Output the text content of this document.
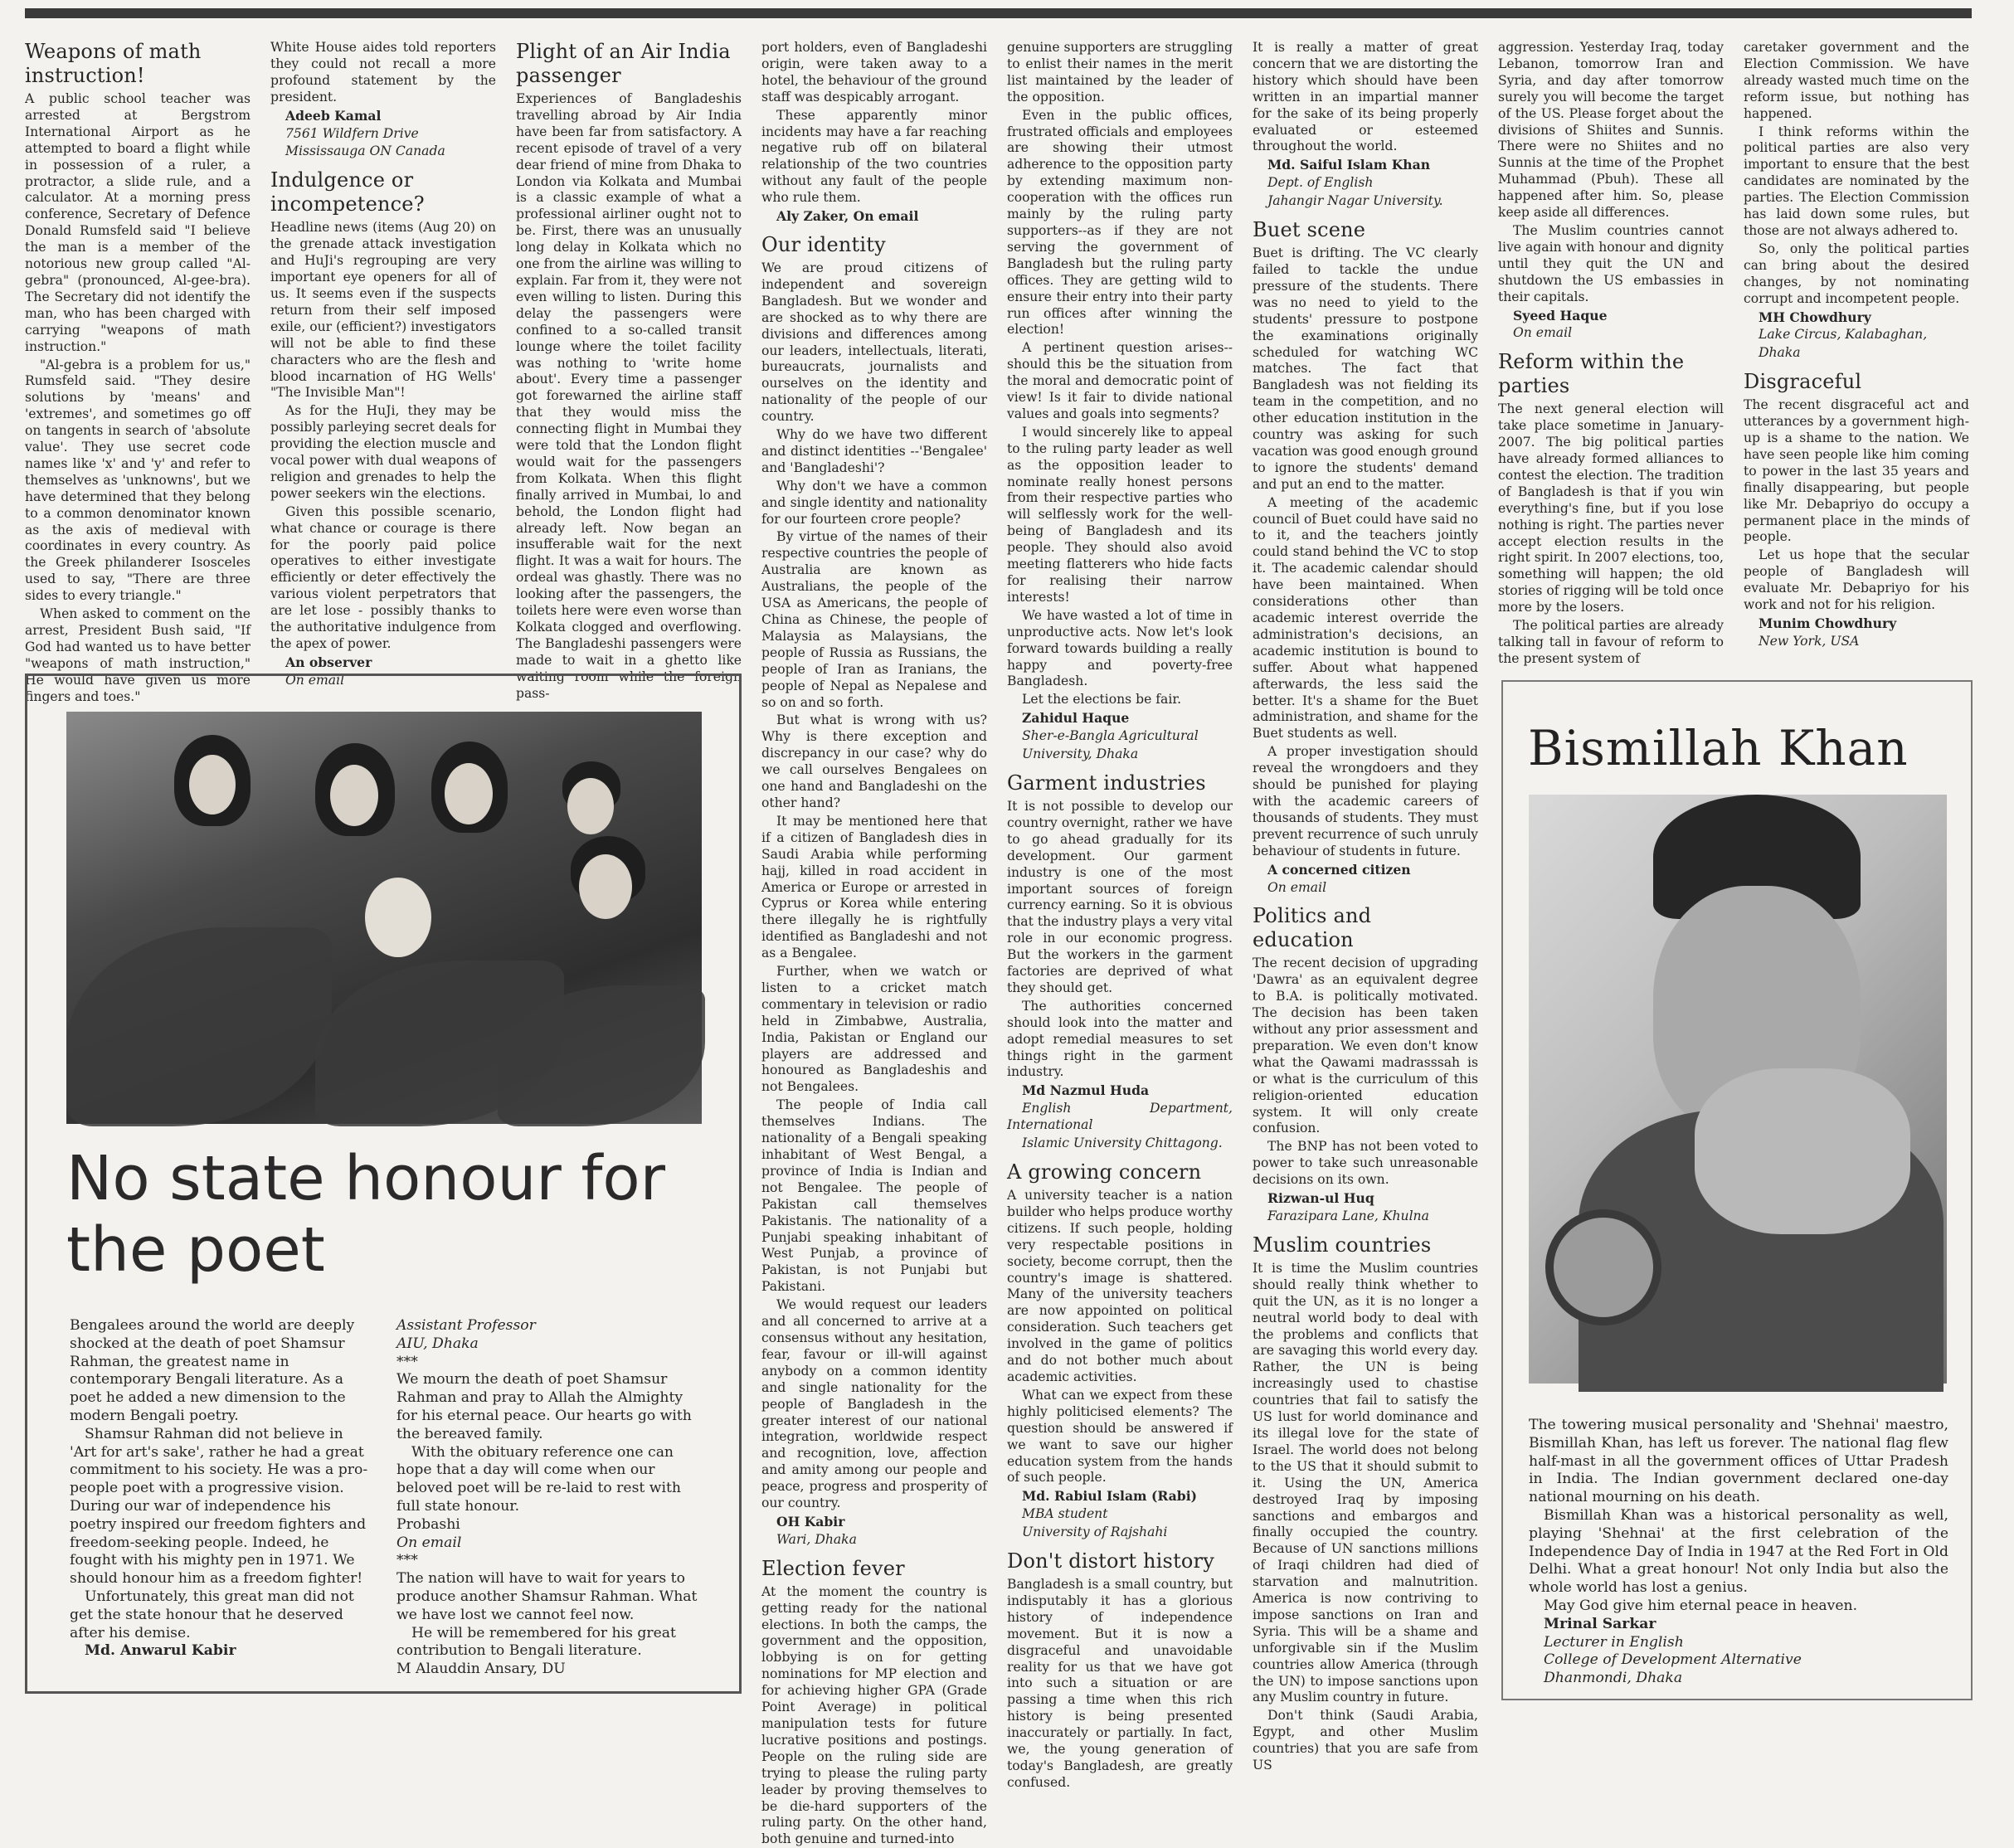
Weapons of math instruction!

A public school teacher was arrested at Bergstrom International Airport as he attempted to board a flight while in possession of a ruler, a protractor, a slide rule, and a calculator. At a morning press conference, Secretary of Defence Donald Rumsfeld said "I believe the man is a member of the notorious new group called "Al-gebra" (pronounced, Al-gee-bra). The Secretary did not identify the man, who has been charged with carrying "weapons of math instruction."

"Al-gebra is a problem for us," Rumsfeld said. "They desire solutions by 'means' and 'extremes', and sometimes go off on tangents in search of 'absolute value'. They use secret code names like 'x' and 'y' and refer to themselves as 'unknowns', but we have determined that they belong to a common denominator known as the axis of medieval with coordinates in every country. As the Greek philanderer Isosceles used to say, "There are three sides to every triangle."

When asked to comment on the arrest, President Bush said, "If God had wanted us to have better "weapons of math instruction," He would have given us more fingers and toes."

White House aides told reporters they could not recall a more profound statement by the president.

Adeeb Kamal

7561 Wildfern Drive

Mississauga ON Canada

Indulgence or incompetence?

Headline news (items (Aug 20) on the grenade attack investigation and HuJi's regrouping are very important eye openers for all of us. It seems even if the suspects return from their self imposed exile, our (efficient?) investigators will not be able to find these characters who are the flesh and blood incarnation of HG Wells' "The Invisible Man"!

As for the HuJi, they may be possibly parleying secret deals for providing the election muscle and vocal power with dual weapons of religion and grenades to help the power seekers win the elections.

Given this possible scenario, what chance or courage is there for the poorly paid police operatives to either investigate efficiently or deter effectively the various violent perpetrators that are let lose - possibly thanks to the authoritative indulgence from the apex of power.

An observer

On email

Plight of an Air India passenger

Experiences of Bangladeshis travelling abroad by Air India have been far from satisfactory. A recent episode of travel of a very dear friend of mine from Dhaka to London via Kolkata and Mumbai is a classic example of what a professional airliner ought not to be. First, there was an unusually long delay in Kolkata which no one from the airline was willing to explain. Far from it, they were not even willing to listen. During this delay the passengers were confined to a so-called transit lounge where the toilet facility was nothing to 'write home about'. Every time a passenger got forewarned the airline staff that they would miss the connecting flight in Mumbai they were told that the London flight would wait for the passengers from Kolkata. When this flight finally arrived in Mumbai, lo and behold, the London flight had already left. Now began an insufferable wait for the next flight. It was a wait for hours. The ordeal was ghastly. There was no looking after the passengers, the toilets here were even worse than Kolkata clogged and overflowing. The Bangladeshi passengers were made to wait in a ghetto like waiting room while the foreign pass-

port holders, even of Bangladeshi origin, were taken away to a hotel, the behaviour of the ground staff was despicably arrogant.

These apparently minor incidents may have a far reaching negative rub off on bilateral relationship of the two countries without any fault of the people who rule them.

Aly Zaker, On email

Our identity

We are proud citizens of independent and sovereign Bangladesh. But we wonder and are shocked as to why there are divisions and differences among our leaders, intellectuals, literati, bureaucrats, journalists and ourselves on the identity and nationality of the people of our country.

Why do we have two different and distinct identities --'Bengalee' and 'Bangladeshi'?

Why don't we have a common and single identity and nationality for our fourteen crore people?

By virtue of the names of their respective countries the people of Australia are known as Australians, the people of the USA as Americans, the people of China as Chinese, the people of Malaysia as Malaysians, the people of Russia as Russians, the people of Iran as Iranians, the people of Nepal as Nepalese and so on and so forth.

But what is wrong with us? Why is there exception and discrepancy in our case? why do we call ourselves Bengalees on one hand and Bangladeshi on the other hand?

It may be mentioned here that if a citizen of Bangladesh dies in Saudi Arabia while performing hajj, killed in road accident in America or Europe or arrested in Cyprus or Korea while entering there illegally he is rightfully identified as Bangladeshi and not as a Bengalee.

Further, when we watch or listen to a cricket match commentary in television or radio held in Zimbabwe, Australia, India, Pakistan or England our players are addressed and honoured as Bangladeshis and not Bengalees.

The people of India call themselves Indians. The nationality of a Bengali speaking inhabitant of West Bengal, a province of India is Indian and not Bengalee. The people of Pakistan call themselves Pakistanis. The nationality of a Punjabi speaking inhabitant of West Punjab, a province of Pakistan, is not Punjabi but Pakistani.

We would request our leaders and all concerned to arrive at a consensus without any hesitation, fear, favour or ill-will against anybody on a common identity and single nationality for the people of Bangladesh in the greater interest of our national integration, worldwide respect and recognition, love, affection and amity among our people and peace, progress and prosperity of our country.

OH Kabir

Wari, Dhaka

Election fever

At the moment the country is getting ready for the national elections. In both the camps, the government and the opposition, lobbying is on for getting nominations for MP election and for achieving higher GPA (Grade Point Average) in political manipulation tests for future lucrative positions and postings. People on the ruling side are trying to please the ruling party leader by proving themselves to be die-hard supporters of the ruling party. On the other hand, both genuine and turned-into

genuine supporters are struggling to enlist their names in the merit list maintained by the leader of the opposition.

Even in the public offices, frustrated officials and employees are showing their utmost adherence to the opposition party by extending maximum non-cooperation with the offices run mainly by the ruling party supporters--as if they are not serving the government of Bangladesh but the ruling party offices. They are getting wild to ensure their entry into their party run offices after winning the election!

A pertinent question arises--should this be the situation from the moral and democratic point of view! Is it fair to divide national values and goals into segments?

I would sincerely like to appeal to the ruling party leader as well as the opposition leader to nominate really honest persons from their respective parties who will selflessly work for the well-being of Bangladesh and its people. They should also avoid meeting flatterers who hide facts for realising their narrow interests!

We have wasted a lot of time in unproductive acts. Now let's look forward towards building a really happy and poverty-free Bangladesh.

Let the elections be fair.

Zahidul Haque

Sher-e-Bangla Agricultural

University, Dhaka

Garment industries

It is not possible to develop our country overnight, rather we have to go ahead gradually for its development. Our garment industry is one of the most important sources of foreign currency earning. So it is obvious that the industry plays a very vital role in our economic progress. But the workers in the garment factories are deprived of what they should get.

The authorities concerned should look into the matter and adopt remedial measures to set things right in the garment industry.

Md Nazmul Huda

English Department, International

Islamic University Chittagong.

A growing concern

A university teacher is a nation builder who helps produce worthy citizens. If such people, holding very respectable positions in society, become corrupt, then the country's image is shattered. Many of the university teachers are now appointed on political consideration. Such teachers get involved in the game of politics and do not bother much about academic activities.

What can we expect from these highly politicised elements? The question should be answered if we want to save our higher education system from the hands of such people.

Md. Rabiul Islam (Rabi)

MBA student

University of Rajshahi

Don't distort history

Bangladesh is a small country, but indisputably it has a glorious history of independence movement. But it is now a disgraceful and unavoidable reality for us that we have got into such a situation or are passing a time when this rich history is being presented inaccurately or partially. In fact, we, the young generation of today's Bangladesh, are greatly confused.

It is really a matter of great concern that we are distorting the history which should have been written in an impartial manner for the sake of its being properly evaluated or esteemed throughout the world.

Md. Saiful Islam Khan

Dept. of English

Jahangir Nagar University.

Buet scene

Buet is drifting. The VC clearly failed to tackle the undue pressure of the students. There was no need to yield to the students' pressure to postpone the examinations originally scheduled for watching WC matches. The fact that Bangladesh was not fielding its team in the competition, and no other education institution in the country was asking for such vacation was good enough ground to ignore the students' demand and put an end to the matter.

A meeting of the academic council of Buet could have said no to it, and the teachers jointly could stand behind the VC to stop it. The academic calendar should have been maintained. When considerations other than academic interest override the administration's decisions, an academic institution is bound to suffer. About what happened afterwards, the less said the better. It's a shame for the Buet administration, and shame for the Buet students as well.

A proper investigation should reveal the wrongdoers and they should be punished for playing with the academic careers of thousands of students. They must prevent recurrence of such unruly behaviour of students in future.

A concerned citizen

On email

Politics and education

The recent decision of upgrading 'Dawra' as an equivalent degree to B.A. is politically motivated. The decision has been taken without any prior assessment and preparation. We even don't know what the Qawami madrasssah is or what is the curriculum of this religion-oriented education system. It will only create confusion.

The BNP has not been voted to power to take such unreasonable decisions on its own.

Rizwan-ul Huq

Farazipara Lane, Khulna

Muslim countries

It is time the Muslim countries should really think whether to quit the UN, as it is no longer a neutral world body to deal with the problems and conflicts that are savaging this world every day. Rather, the UN is being increasingly used to chastise countries that fail to satisfy the US lust for world dominance and its illegal love for the state of Israel. The world does not belong to the US that it should submit to it. Using the UN, America destroyed Iraq by imposing sanctions and embargos and finally occupied the country. Because of UN sanctions millions of Iraqi children had died of starvation and malnutrition. America is now contriving to impose sanctions on Iran and Syria. This will be a shame and unforgivable sin if the Muslim countries allow America (through the UN) to impose sanctions upon any Muslim country in future.

Don't think (Saudi Arabia, Egypt, and other Muslim countries) that you are safe from US

aggression. Yesterday Iraq, today Lebanon, tomorrow Iran and Syria, and day after tomorrow surely you will become the target of the US. Please forget about the divisions of Shiites and Sunnis. There were no Shiites and no Sunnis at the time of the Prophet Muhammad (Pbuh). These all happened after him. So, please keep aside all differences.

The Muslim countries cannot live again with honour and dignity until they quit the UN and shutdown the US embassies in their capitals.

Syeed Haque

On email

Reform within the parties

The next general election will take place sometime in January-2007. The big political parties have already formed alliances to contest the election. The tradition of Bangladesh is that if you win everything's fine, but if you lose nothing is right. The parties never accept election results in the right spirit. In 2007 elections, too, something will happen; the old stories of rigging will be told once more by the losers.

The political parties are already talking tall in favour of reform to the present system of

caretaker government and the Election Commission. We have already wasted much time on the reform issue, but nothing has happened.

I think reforms within the political parties are also very important to ensure that the best candidates are nominated by the parties. The Election Commission has laid down some rules, but those are not always adhered to.

So, only the political parties can bring about the desired changes, by not nominating corrupt and incompetent people.

MH Chowdhury

Lake Circus, Kalabaghan,

Dhaka

Disgraceful

The recent disgraceful act and utterances by a government high-up is a shame to the nation. We have seen people like him coming to power in the last 35 years and finally disappearing, but people like Mr. Debapriyo do occupy a permanent place in the minds of people.

Let us hope that the secular people of Bangladesh will evaluate Mr. Debapriyo for his work and not for his religion.

Munim Chowdhury

New York, USA

No state honour for the poet

Bengalees around the world are deeply shocked at the death of poet Shamsur Rahman, the greatest name in contemporary Bengali literature. As a poet he added a new dimension to the modern Bengali poetry.

Shamsur Rahman did not believe in 'Art for art's sake', rather he had a great commitment to his society. He was a pro-people poet with a progressive vision. During our war of independence his poetry inspired our freedom fighters and freedom-seeking people. Indeed, he fought with his mighty pen in 1971. We should honour him as a freedom fighter!

Unfortunately, this great man did not get the state honour that he deserved after his demise.

Md. Anwarul Kabir

Assistant Professor

AIU, Dhaka

***

We mourn the death of poet Shamsur Rahman and pray to Allah the Almighty for his eternal peace. Our hearts go with the bereaved family.

With the obituary reference one can hope that a day will come when our beloved poet will be re-laid to rest with full state honour.

Probashi

On email

***

The nation will have to wait for years to produce another Shamsur Rahman. What we have lost we cannot feel now.

He will be remembered for his great contribution to Bengali literature.

M Alauddin Ansary, DU

Bismillah Khan

The towering musical personality and 'Shehnai' maestro, Bismillah Khan, has left us forever. The national flag flew half-mast in all the government offices of Uttar Pradesh in India. The Indian government declared one-day national mourning on his death.

Bismillah Khan was a historical personality as well, playing 'Shehnai' at the first celebration of the Independence Day of India in 1947 at the Red Fort in Old Delhi. What a great honour! Not only India but also the whole world has lost a genius.

May God give him eternal peace in heaven.

Mrinal Sarkar

Lecturer in English

College of Development Alternative

Dhanmondi, Dhaka
